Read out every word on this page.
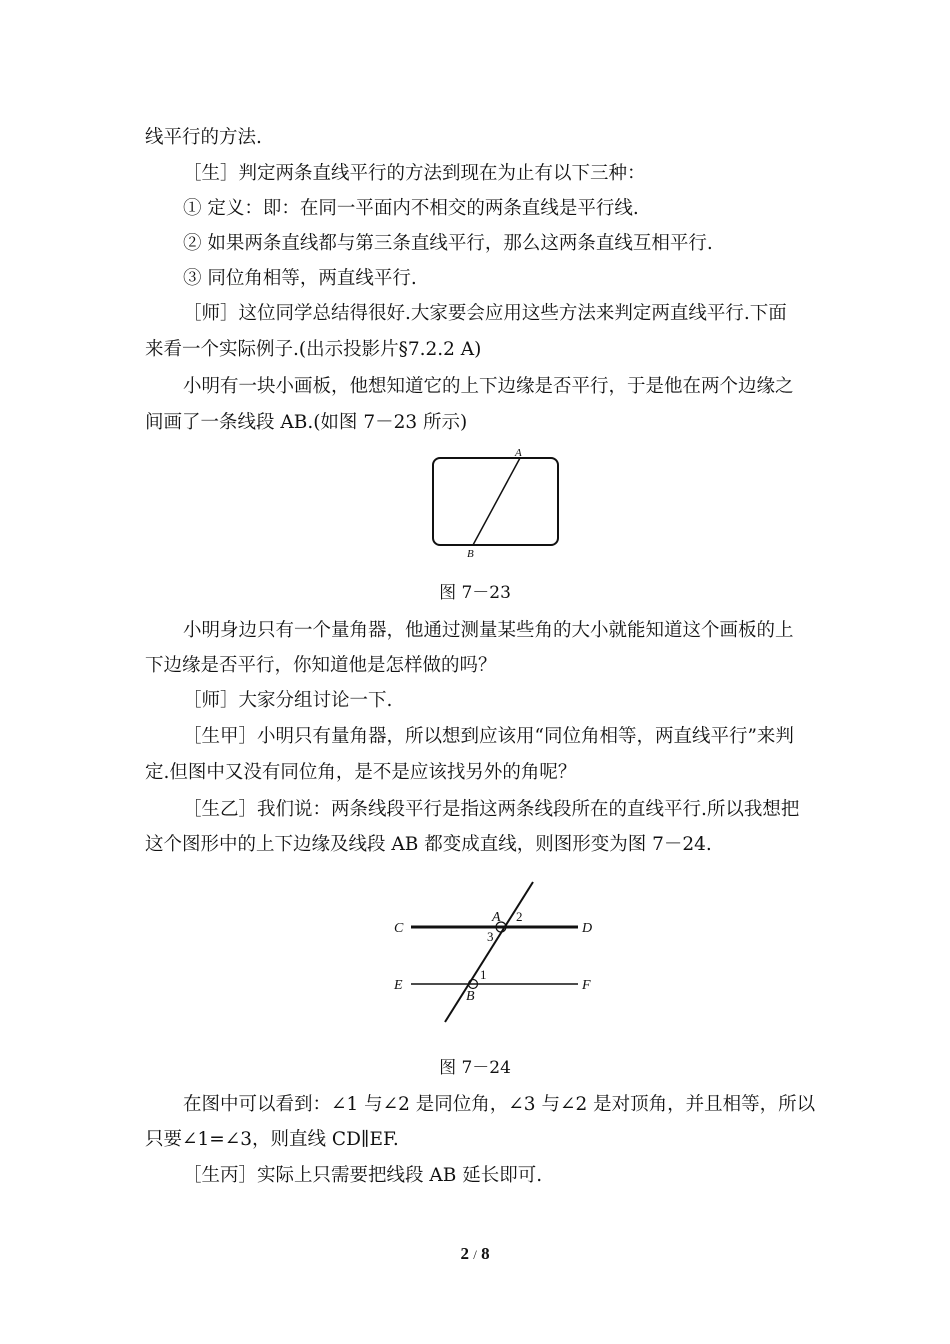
线平行的方法.
［生］判定两条直线平行的方法到现在为止有以下三种：
① 定义：即：在同一平面内不相交的两条直线是平行线.
② 如果两条直线都与第三条直线平行，那么这两条直线互相平行.
③ 同位角相等，两直线平行.
［师］这位同学总结得很好.大家要会应用这些方法来判定两直线平行.下面
来看一个实际例子.(出示投影片§7.2.2 A)
小明有一块小画板，他想知道它的上下边缘是否平行，于是他在两个边缘之
间画了一条线段 AB.(如图 7－23 所示)
A
B
图 7－23
小明身边只有一个量角器，他通过测量某些角的大小就能知道这个画板的上
下边缘是否平行，你知道他是怎样做的吗？
［师］大家分组讨论一下.
［生甲］小明只有量角器，所以想到应该用“同位角相等，两直线平行”来判
定.但图中又没有同位角，是不是应该找另外的角呢？
［生乙］我们说：两条线段平行是指这两条线段所在的直线平行.所以我想把
这个图形中的上下边缘及线段 AB 都变成直线，则图形变为图 7－24.
C	D
E	F
A 2
3
1
B
图 7－24
在图中可以看到：∠1 与∠2 是同位角，∠3 与∠2 是对顶角，并且相等，所以
只要∠1=∠3，则直线 CD∥EF.
［生丙］实际上只需要把线段 AB 延长即可.
2 / 8
